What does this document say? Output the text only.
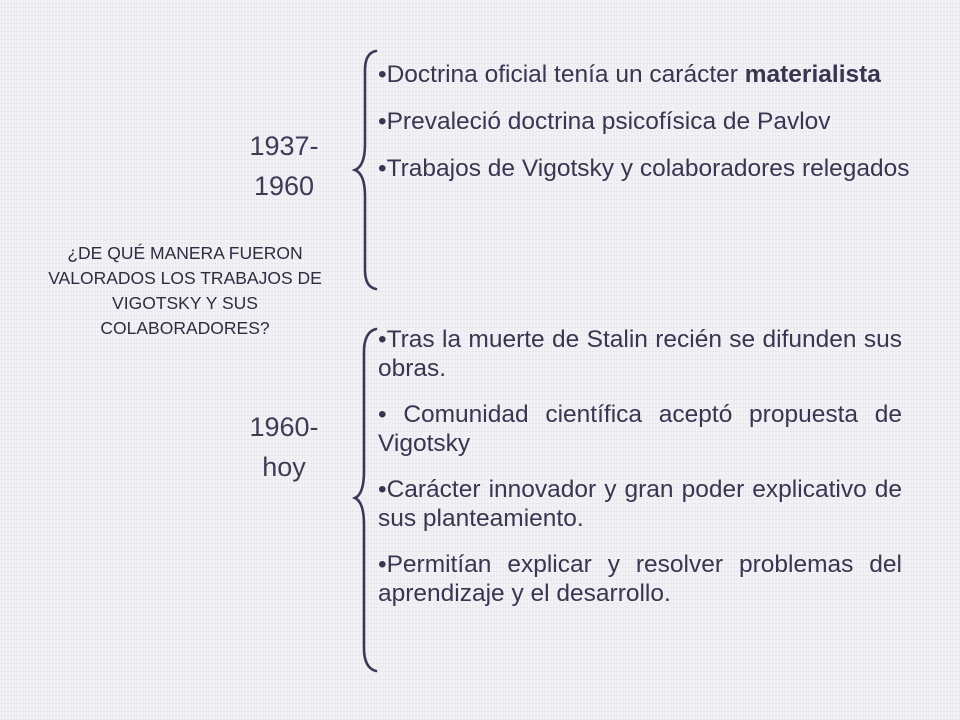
¿DE QUÉ MANERA FUERON VALORADOS LOS TRABAJOS DE VIGOTSKY Y SUS COLABORADORES?
1937-
1960
•Doctrina oficial tenía un carácter materialista
•Prevaleció doctrina psicofísica de Pavlov
•Trabajos de Vigotsky y colaboradores relegados
1960-
hoy
•Tras la muerte de Stalin recién se difunden sus obras.
• Comunidad científica aceptó propuesta de Vigotsky
•Carácter innovador y gran poder explicativo de sus planteamiento.
•Permitían explicar y resolver problemas del aprendizaje y el desarrollo.
